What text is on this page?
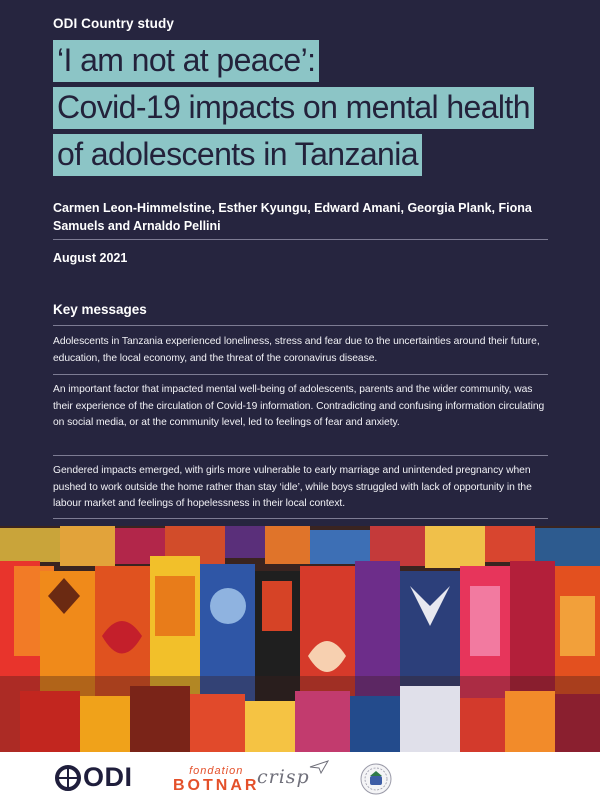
ODI Country study
‘I am not at peace’:
Covid-19 impacts on mental health
of adolescents in Tanzania
Carmen Leon-Himmelstine, Esther Kyungu, Edward Amani, Georgia Plank, Fiona Samuels and Arnaldo Pellini
August 2021
Key messages
Adolescents in Tanzania experienced loneliness, stress and fear due to the uncertainties around their future, education, the local economy, and the threat of the coronavirus disease.
An important factor that impacted mental well-being of adolescents, parents and the wider community, was their experience of the circulation of Covid-19 information. Contradicting and confusing information circulating on social media, or at the community level, led to feelings of fear and anxiety.
Gendered impacts emerged, with girls more vulnerable to early marriage and unintended pregnancy when pushed to work outside the home rather than stay ‘idle’, while boys struggled with lack of opportunity in the labour market and feelings of hopelessness in their local context.
ODI	fondation
BOTNAR
crisp
